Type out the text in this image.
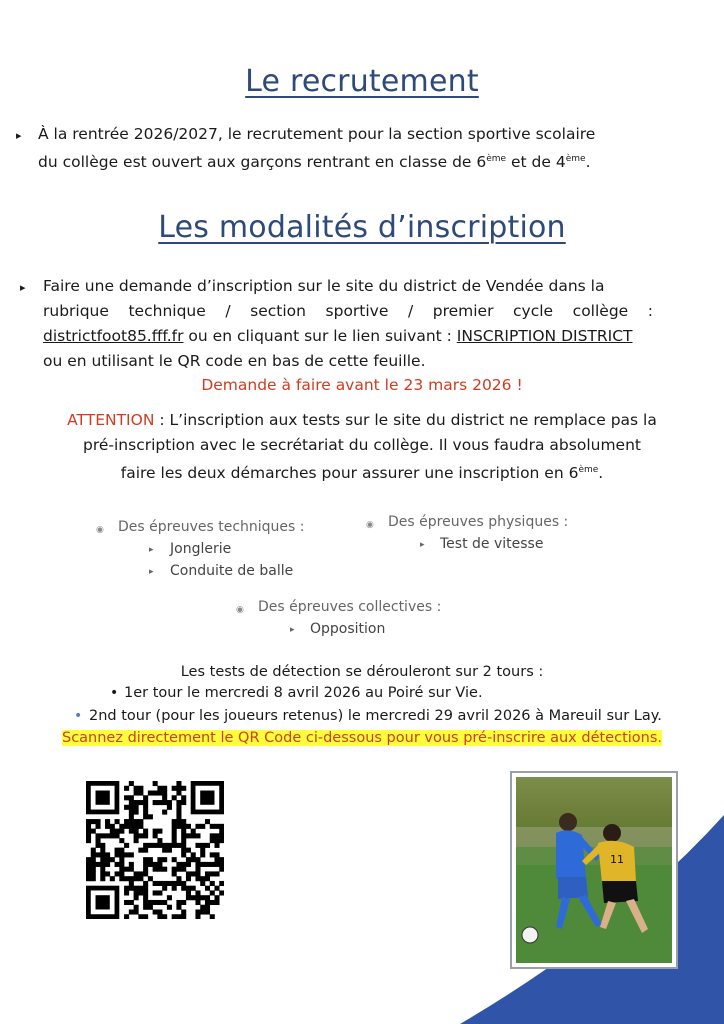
Le recrutement
▸ À la rentrée 2026/2027, le recrutement pour la section sportive scolaire
du collège est ouvert aux garçons rentrant en classe de 6ème et de 4ème.
Les modalités d’inscription
▸ Faire une demande d’inscription sur le site du district de Vendée dans la
rubrique technique / section sportive / premier cycle collège :
districtfoot85.fff.fr ou en cliquant sur le lien suivant : INSCRIPTION DISTRICT
ou en utilisant le QR code en bas de cette feuille.
Demande à faire avant le 23 mars 2026 !
ATTENTION : L’inscription aux tests sur le site du district ne remplace pas la
pré-inscription avec le secrétariat du collège. Il vous faudra absolument
faire les deux démarches pour assurer une inscription en 6ème.
◉ Des épreuves techniques :
▸ Jonglerie
▸ Conduite de balle
◉ Des épreuves physiques :
▸ Test de vitesse
◉ Des épreuves collectives :
▸ Opposition
Les tests de détection se dérouleront sur 2 tours :
• 1er tour le mercredi 8 avril 2026 au Poiré sur Vie.
• 2nd tour (pour les joueurs retenus) le mercredi 29 avril 2026 à Mareuil sur Lay.
Scannez directement le QR Code ci-dessous pour vous pré-inscrire aux détections.
11
